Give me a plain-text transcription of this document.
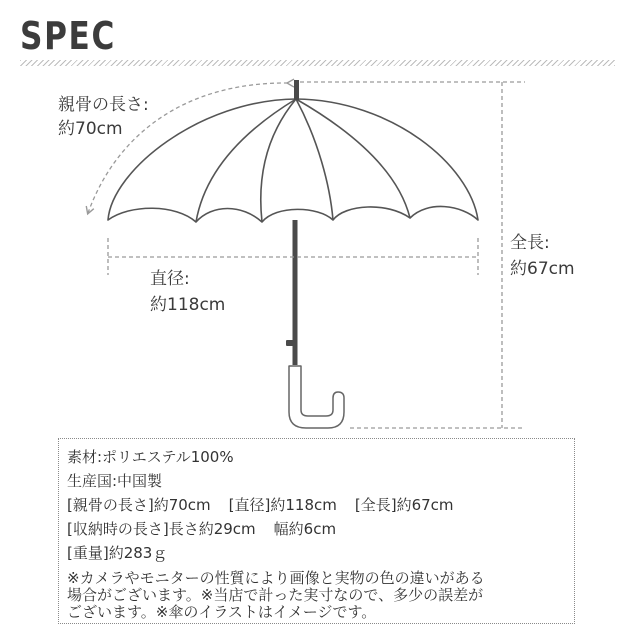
SPEC
親骨の長さ:
約70cm
直径:
約118cm
全長:
約67cm
素材:ポリエステル100%
生産国:中国製
[親骨の長さ]約70cm [直径]約118cm [全長]約67cm
[収納時の長さ]長さ約29cm 幅約6cm
[重量]約283ｇ
※カメラやモニターの性質により画像と実物の色の違いがある
場合がございます。※当店で計った実寸なので、多少の誤差が
ございます。※傘のイラストはイメージです。
